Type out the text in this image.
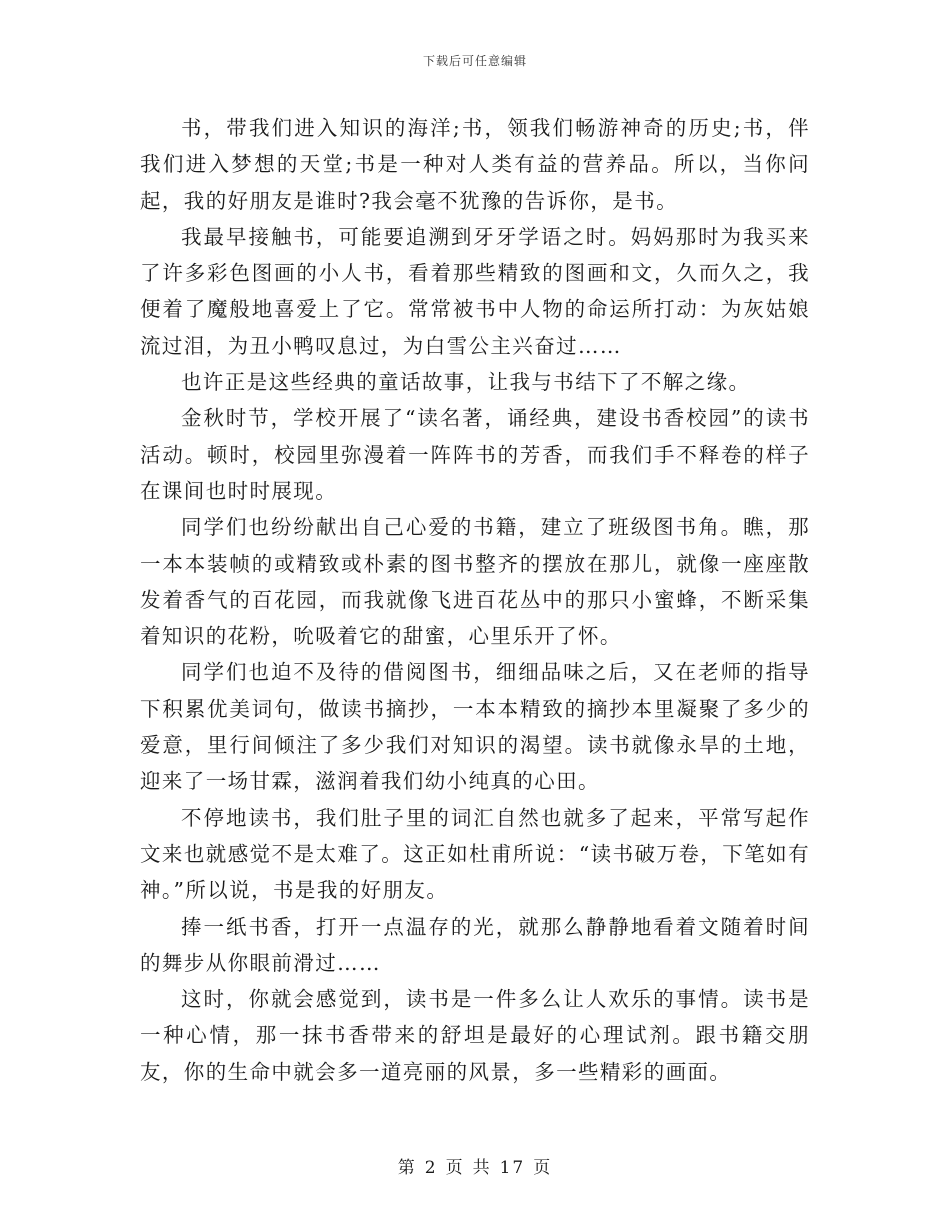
下载后可任意编辑

书，带我们进入知识的海洋;书，领我们畅游神奇的历史;书，伴我们进入梦想的天堂;书是一种对人类有益的营养品。所以，当你问起，我的好朋友是谁时?我会毫不犹豫的告诉你，是书。

我最早接触书，可能要追溯到牙牙学语之时。妈妈那时为我买来了许多彩色图画的小人书，看着那些精致的图画和文，久而久之，我便着了魔般地喜爱上了它。常常被书中人物的命运所打动：为灰姑娘流过泪，为丑小鸭叹息过，为白雪公主兴奋过……

也许正是这些经典的童话故事，让我与书结下了不解之缘。

金秋时节，学校开展了“读名著，诵经典，建设书香校园”的读书活动。顿时，校园里弥漫着一阵阵书的芳香，而我们手不释卷的样子在课间也时时展现。

同学们也纷纷献出自己心爱的书籍，建立了班级图书角。瞧，那一本本装帧的或精致或朴素的图书整齐的摆放在那儿，就像一座座散发着香气的百花园，而我就像飞进百花丛中的那只小蜜蜂，不断采集着知识的花粉，吮吸着它的甜蜜，心里乐开了怀。

同学们也迫不及待的借阅图书，细细品味之后，又在老师的指导下积累优美词句，做读书摘抄，一本本精致的摘抄本里凝聚了多少的爱意，里行间倾注了多少我们对知识的渴望。读书就像永旱的土地，迎来了一场甘霖，滋润着我们幼小纯真的心田。

不停地读书，我们肚子里的词汇自然也就多了起来，平常写起作文来也就感觉不是太难了。这正如杜甫所说：“读书破万卷，下笔如有神。”所以说，书是我的好朋友。

捧一纸书香，打开一点温存的光，就那么静静地看着文随着时间的舞步从你眼前滑过……

这时，你就会感觉到，读书是一件多么让人欢乐的事情。读书是一种心情，那一抹书香带来的舒坦是最好的心理试剂。跟书籍交朋友，你的生命中就会多一道亮丽的风景，多一些精彩的画面。

第 2 页 共 17 页
